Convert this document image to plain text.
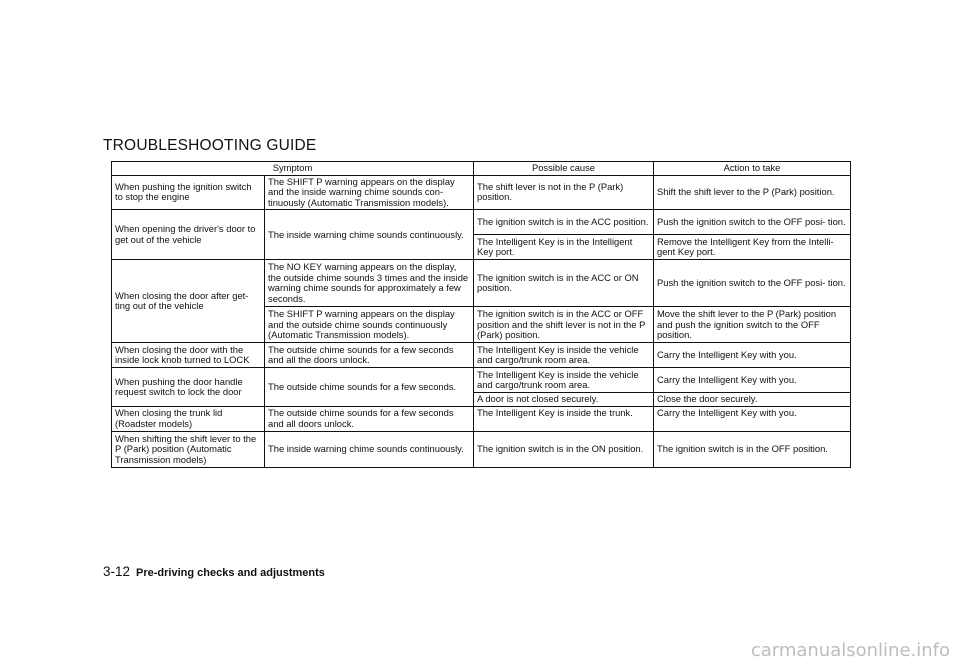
TROUBLESHOOTING GUIDE
Symptom		Possible cause	Action to take
When pushing the ignition switch to stop the engine	The SHIFT P warning appears on the display and the inside warning chime sounds con- tinuously (Automatic Transmission models).	The shift lever is not in the P (Park) position.	Shift the shift lever to the P (Park) position.
When opening the driver's door to get out of the vehicle	The inside warning chime sounds continuously.	The ignition switch is in the ACC position.	Push the ignition switch to the OFF posi- tion.
		The Intelligent Key is in the Intelligent Key port.	Remove the Intelligent Key from the Intelli- gent Key port.
When closing the door after get- ting out of the vehicle	The NO KEY warning appears on the display, the outside chime sounds 3 times and the inside warning chime sounds for approximately a few seconds.	The ignition switch is in the ACC or ON position.	Push the ignition switch to the OFF posi- tion.
	The SHIFT P warning appears on the display and the outside chime sounds continuously (Automatic Transmission models).	The ignition switch is in the ACC or OFF position and the shift lever is not in the P (Park) position.	Move the shift lever to the P (Park) position and push the ignition switch to the OFF position.
When closing the door with the inside lock knob turned to LOCK	The outside chime sounds for a few seconds and all the doors unlock.	The Intelligent Key is inside the vehicle and cargo/trunk room area.	Carry the Intelligent Key with you.
When pushing the door handle request switch to lock the door	The outside chime sounds for a few seconds.	The Intelligent Key is inside the vehicle and cargo/trunk room area.	Carry the Intelligent Key with you.
		A door is not closed securely.	Close the door securely.
When closing the trunk lid (Roadster models)	The outside chime sounds for a few seconds and all doors unlock.	The Intelligent Key is inside the trunk.	Carry the Intelligent Key with you.
When shifting the shift lever to the P (Park) position (Automatic Transmission models)	The inside warning chime sounds continuously.	The ignition switch is in the ON position.	The ignition switch is in the OFF position.
3-12 Pre-driving checks and adjustments
carmanualsonline.info
